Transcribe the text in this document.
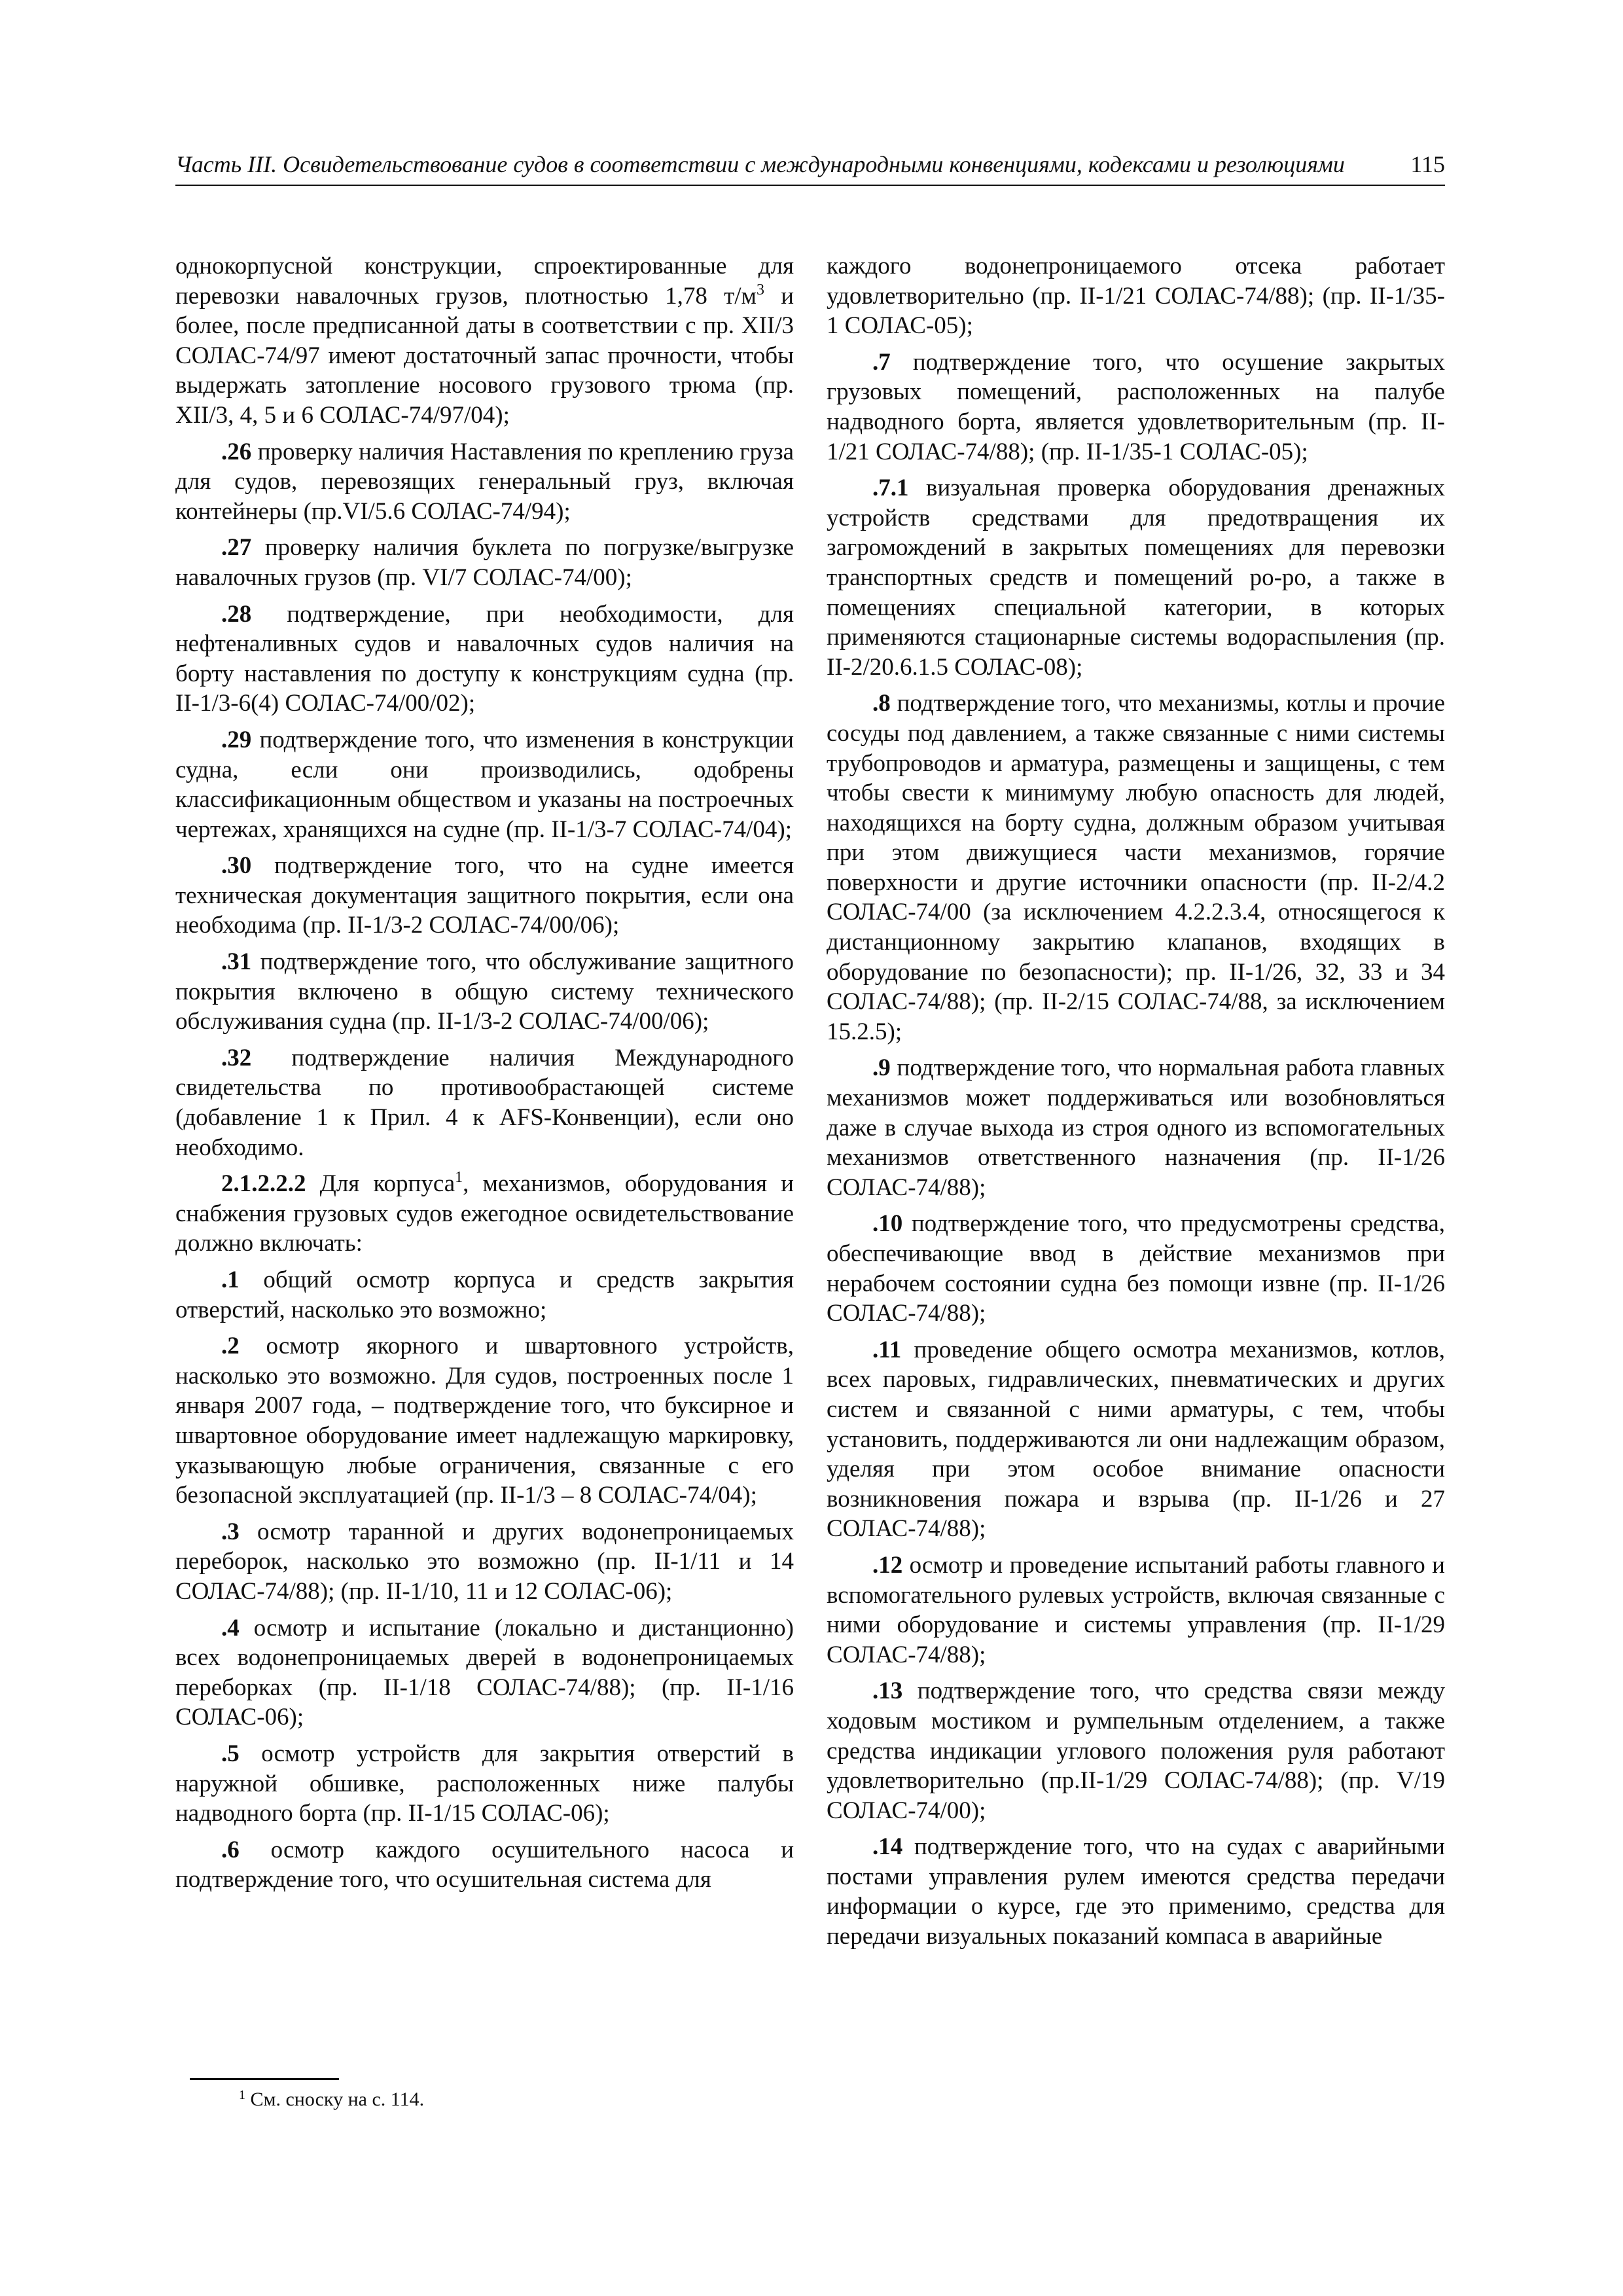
Часть III. Освидетельствование судов в соответствии с международными конвенциями, кодексами и резолюциями	115

однокорпусной конструкции, спроектированные для перевозки навалочных грузов, плотностью 1,78 $т/м^3$ и более, после предписанной даты в соответствии с пр. XII/3 СОЛАС-74/97 имеют достаточный запас прочности, чтобы выдержать затопление носового грузового трюма (пр. XII/3, 4, 5 и 6 СОЛАС-74/97/04);

.26 проверку наличия Наставления по креплению груза для судов, перевозящих генеральный груз, включая контейнеры (пр.VI/5.6 СОЛАС-74/94);

.27 проверку наличия буклета по погрузке/выгрузке навалочных грузов (пр. VI/7 СОЛАС-74/00);

.28 подтверждение, при необходимости, для нефтеналивных судов и навалочных судов наличия на борту наставления по доступу к конструкциям судна (пр. II-1/3-6(4) СОЛАС-74/00/02);

.29 подтверждение того, что изменения в конструкции судна, если они производились, одобрены классификационным обществом и указаны на построечных чертежах, хранящихся на судне (пр. II-1/3-7 СОЛАС-74/04);

.30 подтверждение того, что на судне имеется техническая документация защитного покрытия, если она необходима (пр. II-1/3-2 СОЛАС-74/00/06);

.31 подтверждение того, что обслуживание защитного покрытия включено в общую систему технического обслуживания судна (пр. II-1/3-2 СОЛАС-74/00/06);

.32 подтверждение наличия Международного свидетельства по противообрастающей системе (добавление 1 к Прил. 4 к AFS-Конвенции), если оно необходимо.

2.1.2.2.2 Для корпуса$^1$, механизмов, оборудования и снабжения грузовых судов ежегодное освидетельствование должно включать:

.1 общий осмотр корпуса и средств закрытия отверстий, насколько это возможно;

.2 осмотр якорного и швартовного устройств, насколько это возможно. Для судов, построенных после 1 января 2007 года, – подтверждение того, что буксирное и швартовное оборудование имеет надлежащую маркировку, указывающую любые ограничения, связанные с его безопасной эксплуатацией (пр. II-1/3 – 8 СОЛАС-74/04);

.3 осмотр таранной и других водонепроницаемых переборок, насколько это возможно (пр. II-1/11 и 14 СОЛАС-74/88); (пр. II-1/10, 11 и 12 СОЛАС-06);

.4 осмотр и испытание (локально и дистанционно) всех водонепроницаемых дверей в водонепроницаемых переборках (пр. II-1/18 СОЛАС-74/88); (пр. II-1/16 СОЛАС-06);

.5 осмотр устройств для закрытия отверстий в наружной обшивке, расположенных ниже палубы надводного борта (пр. II-1/15 СОЛАС-06);

.6 осмотр каждого осушительного насоса и подтверждение того, что осушительная система для

каждого водонепроницаемого отсека работает удовлетворительно (пр. II-1/21 СОЛАС-74/88); (пр. II-1/35-1 СОЛАС-05);

.7 подтверждение того, что осушение закрытых грузовых помещений, расположенных на палубе надводного борта, является удовлетворительным (пр. II-1/21 СОЛАС-74/88); (пр. II-1/35-1 СОЛАС-05);

.7.1 визуальная проверка оборудования дренажных устройств средствами для предотвращения их загромождений в закрытых помещениях для перевозки транспортных средств и помещений ро-ро, а также в помещениях специальной категории, в которых применяются стационарные системы водораспыления (пр. II-2/20.6.1.5 СОЛАС-08);

.8 подтверждение того, что механизмы, котлы и прочие сосуды под давлением, а также связанные с ними системы трубопроводов и арматура, размещены и защищены, с тем чтобы свести к минимуму любую опасность для людей, находящихся на борту судна, должным образом учитывая при этом движущиеся части механизмов, горячие поверхности и другие источники опасности (пр. II-2/4.2 СОЛАС-74/00 (за исключением 4.2.2.3.4, относящегося к дистанционному закрытию клапанов, входящих в оборудование по безопасности); пр. II-1/26, 32, 33 и 34 СОЛАС-74/88); (пр. II-2/15 СОЛАС-74/88, за исключением 15.2.5);

.9 подтверждение того, что нормальная работа главных механизмов может поддерживаться или возобновляться даже в случае выхода из строя одного из вспомогательных механизмов ответственного назначения (пр. II-1/26 СОЛАС-74/88);

.10 подтверждение того, что предусмотрены средства, обеспечивающие ввод в действие механизмов при нерабочем состоянии судна без помощи извне (пр. II-1/26 СОЛАС-74/88);

.11 проведение общего осмотра механизмов, котлов, всех паровых, гидравлических, пневматических и других систем и связанной с ними арматуры, с тем, чтобы установить, поддерживаются ли они надлежащим образом, уделяя при этом особое внимание опасности возникновения пожара и взрыва (пр. II-1/26 и 27 СОЛАС-74/88);

.12 осмотр и проведение испытаний работы главного и вспомогательного рулевых устройств, включая связанные с ними оборудование и системы управления (пр. II-1/29 СОЛАС-74/88);

.13 подтверждение того, что средства связи между ходовым мостиком и румпельным отделением, а также средства индикации углового положения руля работают удовлетворительно (пр.II-1/29 СОЛАС-74/88); (пр. V/19 СОЛАС-74/00);

.14 подтверждение того, что на судах с аварийными постами управления рулем имеются средства передачи информации о курсе, где это применимо, средства для передачи визуальных показаний компаса в аварийные

$^1$ См. сноску на с. 114.
